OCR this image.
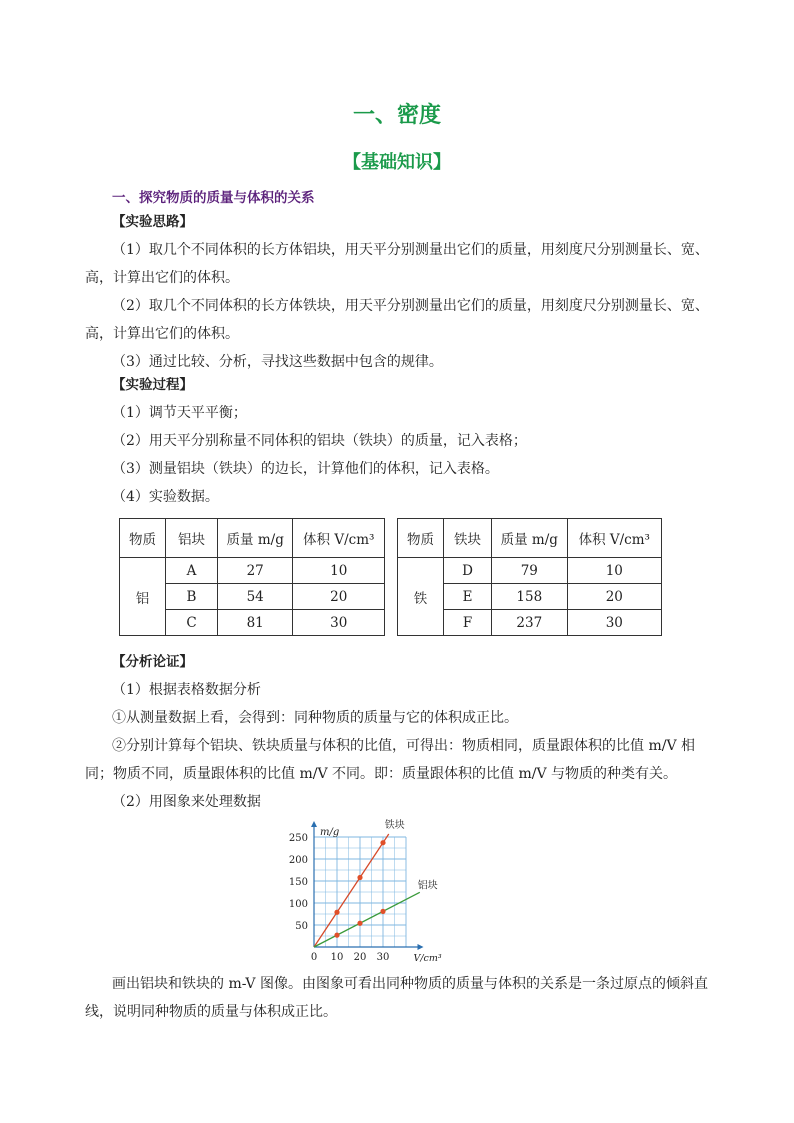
一、密度
【基础知识】
一、探究物质的质量与体积的关系
【实验思路】

（1）取几个不同体积的长方体铝块，用天平分别测量出它们的质量，用刻度尺分别测量长、宽、高，计算出它们的体积。

（2）取几个不同体积的长方体铁块，用天平分别测量出它们的质量，用刻度尺分别测量长、宽、高，计算出它们的体积。

（3）通过比较、分析，寻找这些数据中包含的规律。

【实验过程】

（1）调节天平平衡；

（2）用天平分别称量不同体积的铝块（铁块）的质量，记入表格；

（3）测量铝块（铁块）的边长，计算他们的体积，记入表格。

（4）实验数据。

物质	铝块	质量 m/g	体积 V/cm³
铝	A	27	10
	B	54	20
	C	81	30
物质	铁块	质量 m/g	体积 V/cm³
铁	D	79	10
	E	158	20
	F	237	30
【分析论证】

（1）根据表格数据分析

①从测量数据上看，会得到：同种物质的质量与它的体积成正比。

②分别计算每个铝块、铁块质量与体积的比值，可得出：物质相同，质量跟体积的比值 m/V 相同；物质不同，质量跟体积的比值 m/V 不同。即：质量跟体积的比值 m/V 与物质的种类有关。

（2）用图象来处理数据

50
100
150
200
250
0 10 20 30
m/g
V/cm³
铁块
铝块

画出铝块和铁块的 m-V 图像。由图象可看出同种物质的质量与体积的关系是一条过原点的倾斜直线，说明同种物质的质量与体积成正比。
